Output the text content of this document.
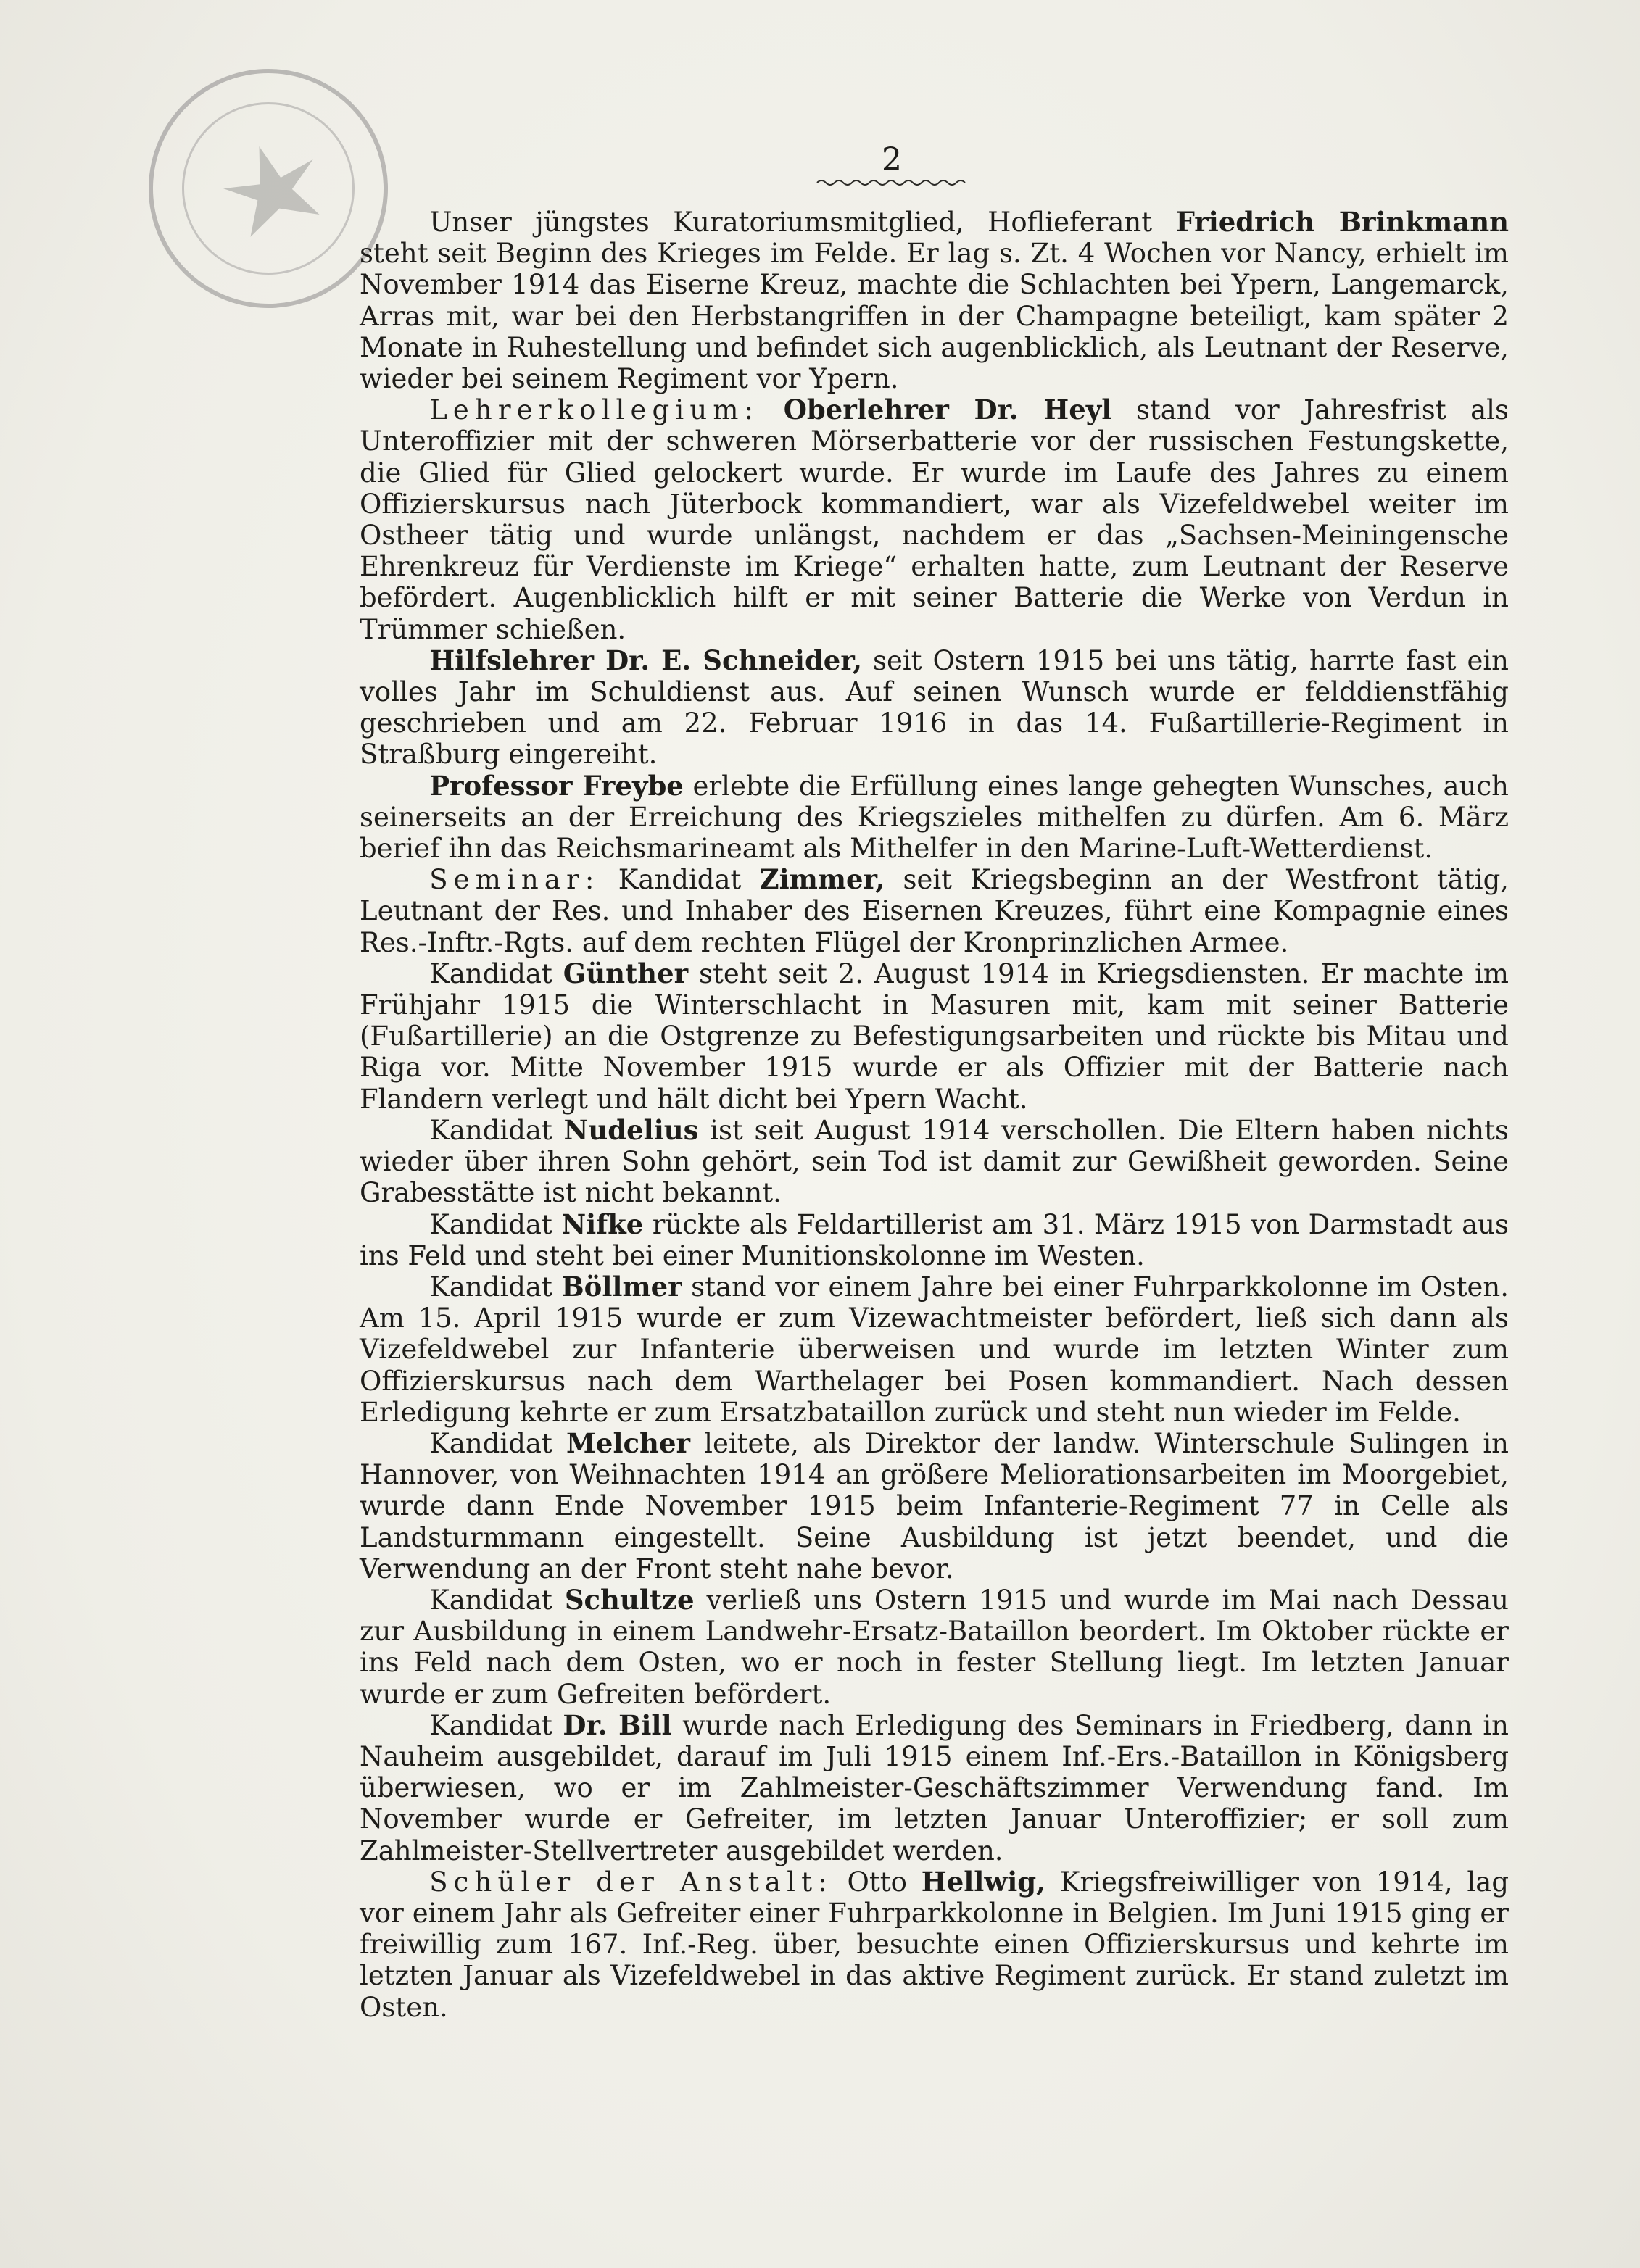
2

Unser jüngstes Kuratoriumsmitglied, Hoflieferant Friedrich Brinkmann steht seit Beginn des Krieges im Felde. Er lag s. Zt. 4 Wochen vor Nancy, erhielt im November 1914 das Eiserne Kreuz, machte die Schlachten bei Ypern, Langemarck, Arras mit, war bei den Herbstangriffen in der Champagne beteiligt, kam später 2 Monate in Ruhestellung und befindet sich augenblicklich, als Leutnant der Reserve, wieder bei seinem Regiment vor Ypern.

Lehrerkollegium: Oberlehrer Dr. Heyl stand vor Jahresfrist als Unteroffizier mit der schweren Mörserbatterie vor der russischen Festungskette, die Glied für Glied gelockert wurde. Er wurde im Laufe des Jahres zu einem Offizierskursus nach Jüterbock kommandiert, war als Vizefeldwebel weiter im Ostheer tätig und wurde unlängst, nachdem er das „Sachsen-Meiningensche Ehrenkreuz für Verdienste im Kriege“ erhalten hatte, zum Leutnant der Reserve befördert. Augenblicklich hilft er mit seiner Batterie die Werke von Verdun in Trümmer schießen.

Hilfslehrer Dr. E. Schneider, seit Ostern 1915 bei uns tätig, harrte fast ein volles Jahr im Schuldienst aus. Auf seinen Wunsch wurde er felddienstfähig geschrieben und am 22. Februar 1916 in das 14. Fußartillerie-Regiment in Straßburg eingereiht.

Professor Freybe erlebte die Erfüllung eines lange gehegten Wunsches, auch seinerseits an der Erreichung des Kriegszieles mithelfen zu dürfen. Am 6. März berief ihn das Reichsmarineamt als Mithelfer in den Marine-Luft-Wetterdienst.

Seminar: Kandidat Zimmer, seit Kriegsbeginn an der Westfront tätig, Leutnant der Res. und Inhaber des Eisernen Kreuzes, führt eine Kompagnie eines Res.-Inftr.-Rgts. auf dem rechten Flügel der Kronprinzlichen Armee.

Kandidat Günther steht seit 2. August 1914 in Kriegsdiensten. Er machte im Frühjahr 1915 die Winterschlacht in Masuren mit, kam mit seiner Batterie (Fußartillerie) an die Ostgrenze zu Befestigungsarbeiten und rückte bis Mitau und Riga vor. Mitte November 1915 wurde er als Offizier mit der Batterie nach Flandern verlegt und hält dicht bei Ypern Wacht.

Kandidat Nudelius ist seit August 1914 verschollen. Die Eltern haben nichts wieder über ihren Sohn gehört, sein Tod ist damit zur Gewißheit geworden. Seine Grabesstätte ist nicht bekannt.

Kandidat Nifke rückte als Feldartillerist am 31. März 1915 von Darmstadt aus ins Feld und steht bei einer Munitionskolonne im Westen.

Kandidat Böllmer stand vor einem Jahre bei einer Fuhrparkkolonne im Osten. Am 15. April 1915 wurde er zum Vizewachtmeister befördert, ließ sich dann als Vizefeldwebel zur Infanterie überweisen und wurde im letzten Winter zum Offizierskursus nach dem Warthelager bei Posen kommandiert. Nach dessen Erledigung kehrte er zum Ersatzbataillon zurück und steht nun wieder im Felde.

Kandidat Melcher leitete, als Direktor der landw. Winterschule Sulingen in Hannover, von Weihnachten 1914 an größere Meliorationsarbeiten im Moorgebiet, wurde dann Ende November 1915 beim Infanterie-Regiment 77 in Celle als Landsturmmann eingestellt. Seine Ausbildung ist jetzt beendet, und die Verwendung an der Front steht nahe bevor.

Kandidat Schultze verließ uns Ostern 1915 und wurde im Mai nach Dessau zur Ausbildung in einem Landwehr-Ersatz-Bataillon beordert. Im Oktober rückte er ins Feld nach dem Osten, wo er noch in fester Stellung liegt. Im letzten Januar wurde er zum Gefreiten befördert.

Kandidat Dr. Bill wurde nach Erledigung des Seminars in Friedberg, dann in Nauheim ausgebildet, darauf im Juli 1915 einem Inf.-Ers.-Bataillon in Königsberg überwiesen, wo er im Zahlmeister-Geschäftszimmer Verwendung fand. Im November wurde er Gefreiter, im letzten Januar Unteroffizier; er soll zum Zahlmeister-Stellvertreter ausgebildet werden.

Schüler der Anstalt: Otto Hellwig, Kriegsfreiwilliger von 1914, lag vor einem Jahr als Gefreiter einer Fuhrparkkolonne in Belgien. Im Juni 1915 ging er freiwillig zum 167. Inf.-Reg. über, besuchte einen Offizierskursus und kehrte im letzten Januar als Vizefeldwebel in das aktive Regiment zurück. Er stand zuletzt im Osten.
